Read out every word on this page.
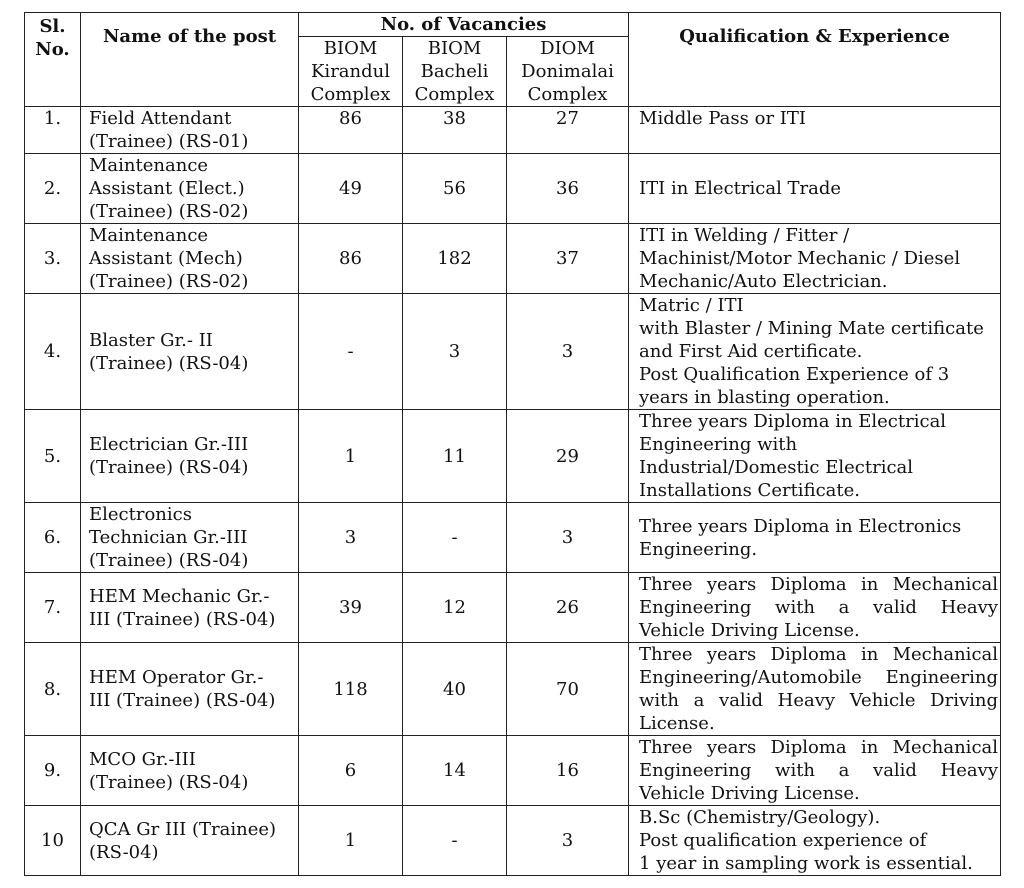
Sl.
No.	Name of the post	No. of Vacancies			Qualification & Experience

		BIOM
Kirandul
Complex	BIOM
Bacheli
Complex	DIOM
Donimalai
Complex	

1.	Field Attendant
(Trainee) (RS-01)	86	38	27	Middle Pass or ITI

2.	Maintenance
Assistant (Elect.)
(Trainee) (RS-02)	49	56	36	ITI in Electrical Trade

3.	Maintenance
Assistant (Mech)
(Trainee) (RS-02)	86	182	37	ITI in Welding / Fitter /
Machinist/Motor Mechanic / Diesel
Mechanic/Auto Electrician.

4.	Blaster Gr.- II
(Trainee) (RS-04)	-	3	3	Matric / ITI
with Blaster / Mining Mate certificate
and First Aid certificate.
Post Qualification Experience of 3
years in blasting operation.

5.	Electrician Gr.-III
(Trainee) (RS-04)	1	11	29	Three years Diploma in Electrical
Engineering with
Industrial/Domestic Electrical
Installations Certificate.

6.	Electronics
Technician Gr.-III
(Trainee) (RS-04)	3	-	3	Three years Diploma in Electronics
Engineering.

7.	HEM Mechanic Gr.-
III (Trainee) (RS-04)	39	12	26	Three years Diploma in Mechanical
Engineering with a valid Heavy
Vehicle Driving License.

8.	HEM Operator Gr.-
III (Trainee) (RS-04)	118	40	70	Three years Diploma in Mechanical
Engineering/Automobile Engineering
with a valid Heavy Vehicle Driving
License.

9.	MCO Gr.-III
(Trainee) (RS-04)	6	14	16	Three years Diploma in Mechanical
Engineering with a valid Heavy
Vehicle Driving License.

10	QCA Gr III (Trainee)
(RS-04)	1	-	3	B.Sc (Chemistry/Geology).
Post qualification experience of
1 year in sampling work is essential.
